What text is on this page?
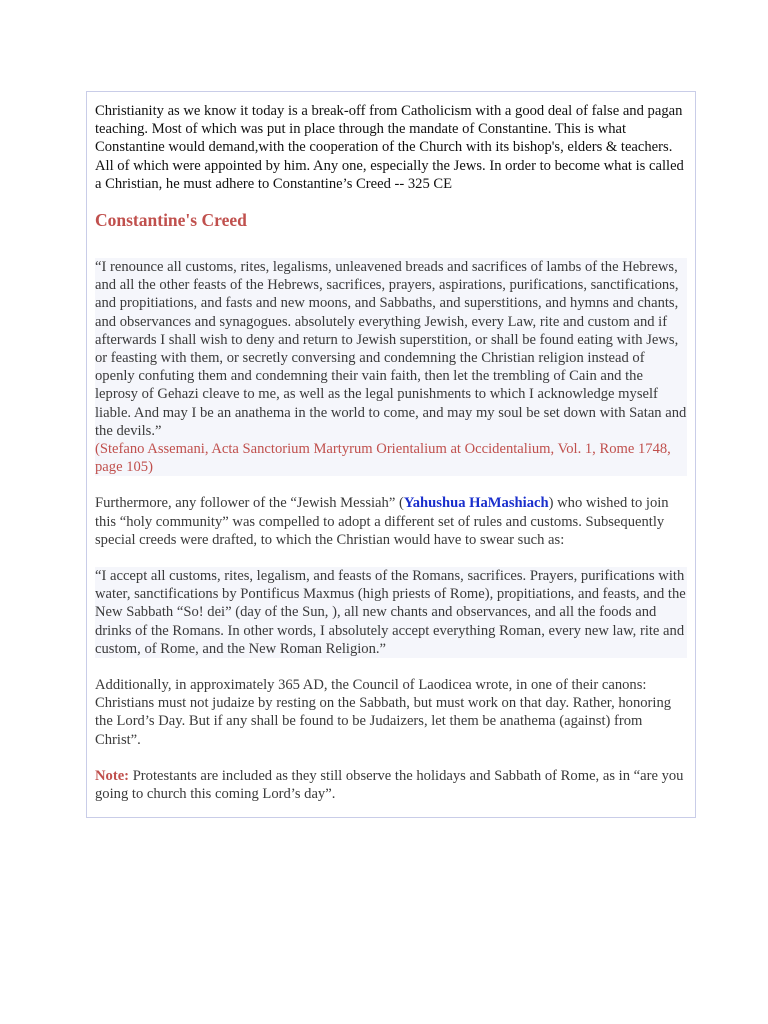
Christianity as we know it today is a break-off from Catholicism with a good deal of false and pagan teaching. Most of which was put in place through the mandate of Constantine. This is what Constantine would demand,with the cooperation of the Church with its bishop's, elders & teachers. All of which were appointed by him. Any one, especially the Jews. In order to become what is called a Christian, he must adhere to Constantine’s Creed -- 325 CE

Constantine's Creed

“I renounce all customs, rites, legalisms, unleavened breads and sacrifices of lambs of the Hebrews, and all the other feasts of the Hebrews, sacrifices, prayers, aspirations, purifications, sanctifications, and propitiations, and fasts and new moons, and Sabbaths, and superstitions, and hymns and chants, and observances and synagogues. absolutely everything Jewish, every Law, rite and custom and if afterwards I shall wish to deny and return to Jewish superstition, or shall be found eating with Jews, or feasting with them, or secretly conversing and condemning the Christian religion instead of openly confuting them and condemning their vain faith, then let the trembling of Cain and the leprosy of Gehazi cleave to me, as well as the legal punishments to which I acknowledge myself liable. And may I be an anathema in the world to come, and may my soul be set down with Satan and the devils.”

(Stefano Assemani, Acta Sanctorium Martyrum Orientalium at Occidentalium, Vol. 1, Rome 1748, page 105)

Furthermore, any follower of the “Jewish Messiah” (Yahushua HaMashiach) who wished to join this “holy community” was compelled to adopt a different set of rules and customs. Subsequently special creeds were drafted, to which the Christian would have to swear such as:

“I accept all customs, rites, legalism, and feasts of the Romans, sacrifices. Prayers, purifications with water, sanctifications by Pontificus Maxmus (high priests of Rome), propitiations, and feasts, and the New Sabbath “So! dei” (day of the Sun, ), all new chants and observances, and all the foods and drinks of the Romans. In other words, I absolutely accept everything Roman, every new law, rite and custom, of Rome, and the New Roman Religion.”

Additionally, in approximately 365 AD, the Council of Laodicea wrote, in one of their canons: Christians must not judaize by resting on the Sabbath, but must work on that day. Rather, honoring the Lord’s Day. But if any shall be found to be Judaizers, let them be anathema (against) from Christ”.

Note: Protestants are included as they still observe the holidays and Sabbath of Rome, as in “are you going to church this coming Lord’s day”.
